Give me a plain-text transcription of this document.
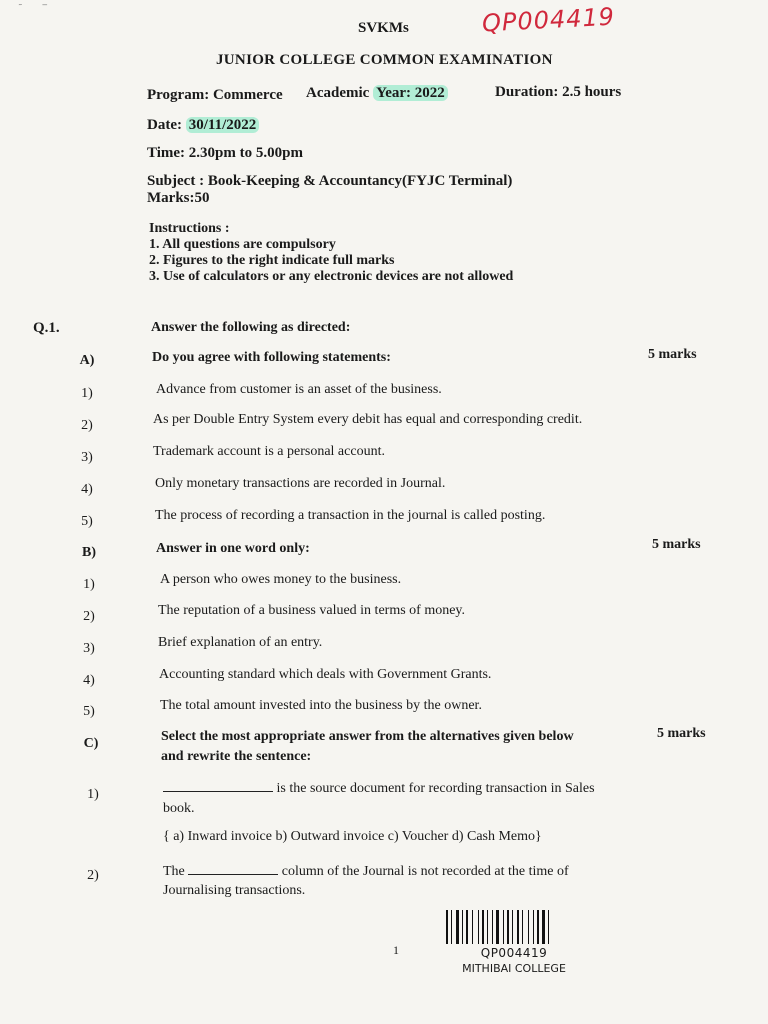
˜       ‾
SVKMs	QP004419
JUNIOR COLLEGE COMMON EXAMINATION
Program: Commerce Academic Year: 2022	Duration: 2.5 hours
Date: 30/11/2022
Time: 2.30pm to 5.00pm
Subject : Book-Keeping & Accountancy(FYJC Terminal)
Marks:50
Instructions :
1. All questions are compulsory
2. Figures to the right indicate full marks
3. Use of calculators or any electronic devices are not allowed
Q.1.	Answer the following as directed:
A)	Do you agree with following statements:	5 marks
1)	Advance from customer is an asset of the business.
2)	As per Double Entry System every debit has equal and corresponding credit.
3)	Trademark account is a personal account.
4)	Only monetary transactions are recorded in Journal.
5)	The process of recording a transaction in the journal is called posting.
B)	Answer in one word only:	5 marks
1)	A person who owes money to the business.
2)	The reputation of a business valued in terms of money.
3)	Brief explanation of an entry.
4)	Accounting standard which deals with Government Grants.
5)	The total amount invested into the business by the owner.
C)	Select the most appropriate answer from the alternatives given below
and rewrite the sentence:
5 marks
1)	is the source document for recording transaction in Sales
book.
{ a) Inward invoice b) Outward invoice c) Voucher d) Cash Memo}
2)	The	column of the Journal is not recorded at the time of
Journalising transactions.
1	QP004419
MITHIBAI COLLEGE
